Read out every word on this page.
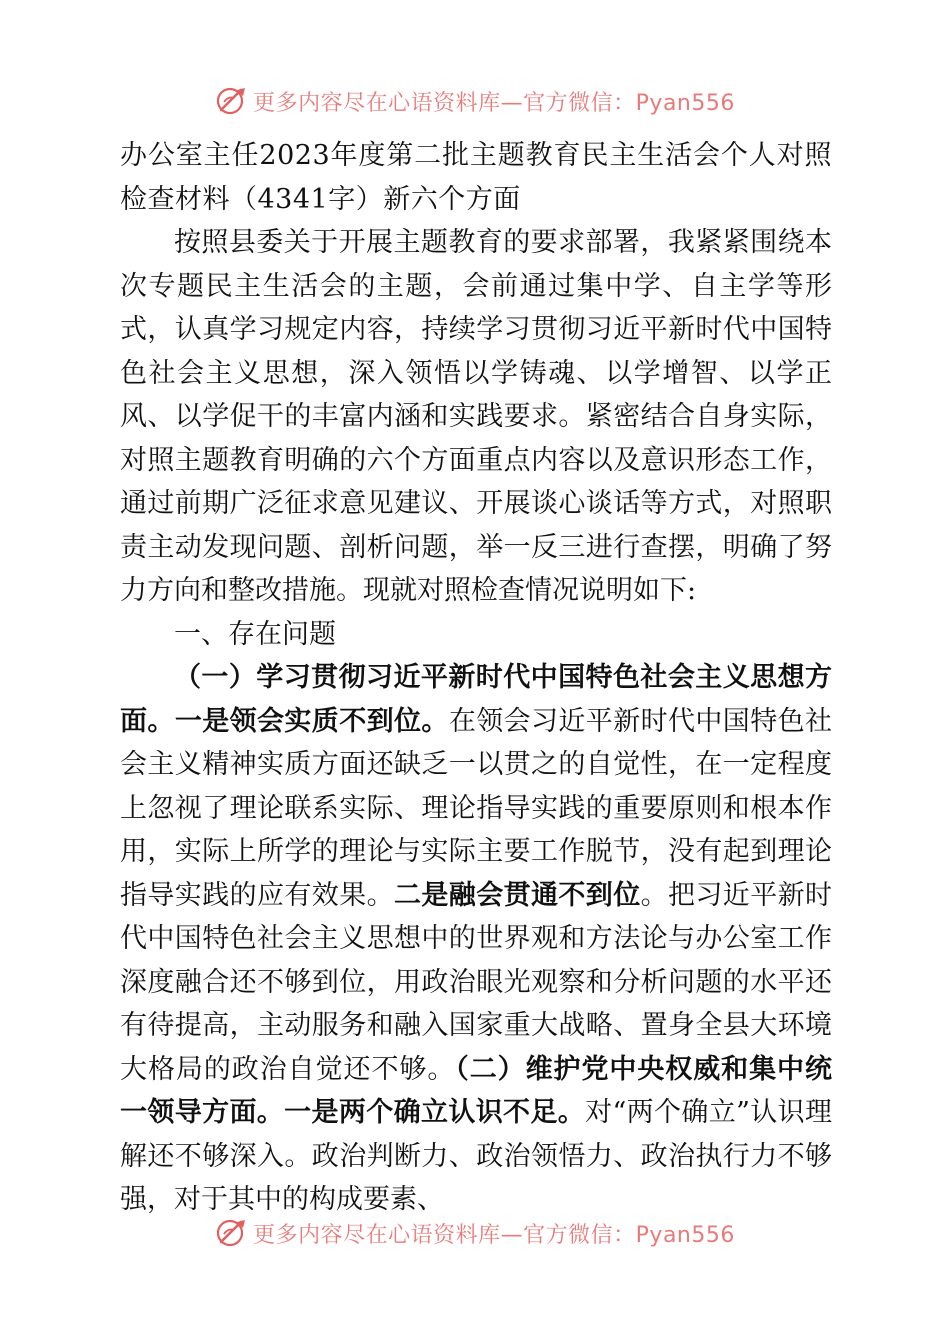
更多内容尽在心语资料库—官方微信：Pyan556

办公室主任2023年度第二批主题教育民主生活会个人对照检查材料（4341字）新六个方面

按照县委关于开展主题教育的要求部署，我紧紧围绕本次专题民主生活会的主题，会前通过集中学、自主学等形式，认真学习规定内容，持续学习贯彻习近平新时代中国特色社会主义思想，深入领悟以学铸魂、以学增智、以学正风、以学促干的丰富内涵和实践要求。紧密结合自身实际，对照主题教育明确的六个方面重点内容以及意识形态工作，通过前期广泛征求意见建议、开展谈心谈话等方式，对照职责主动发现问题、剖析问题，举一反三进行查摆，明确了努力方向和整改措施。现就对照检查情况说明如下:

一、存在问题

（一）学习贯彻习近平新时代中国特色社会主义思想方面。一是领会实质不到位。在领会习近平新时代中国特色社会主义精神实质方面还缺乏一以贯之的自觉性，在一定程度上忽视了理论联系实际、理论指导实践的重要原则和根本作用，实际上所学的理论与实际主要工作脱节，没有起到理论指导实践的应有效果。二是融会贯通不到位。把习近平新时代中国特色社会主义思想中的世界观和方法论与办公室工作深度融合还不够到位，用政治眼光观察和分析问题的水平还有待提高，主动服务和融入国家重大战略、置身全县大环境大格局的政治自觉还不够。（二）维护党中央权威和集中统一领导方面。一是两个确立认识不足。对“两个确立”认识理解还不够深入。政治判断力、政治领悟力、政治执行力不够强，对于其中的构成要素、

更多内容尽在心语资料库—官方微信：Pyan556
